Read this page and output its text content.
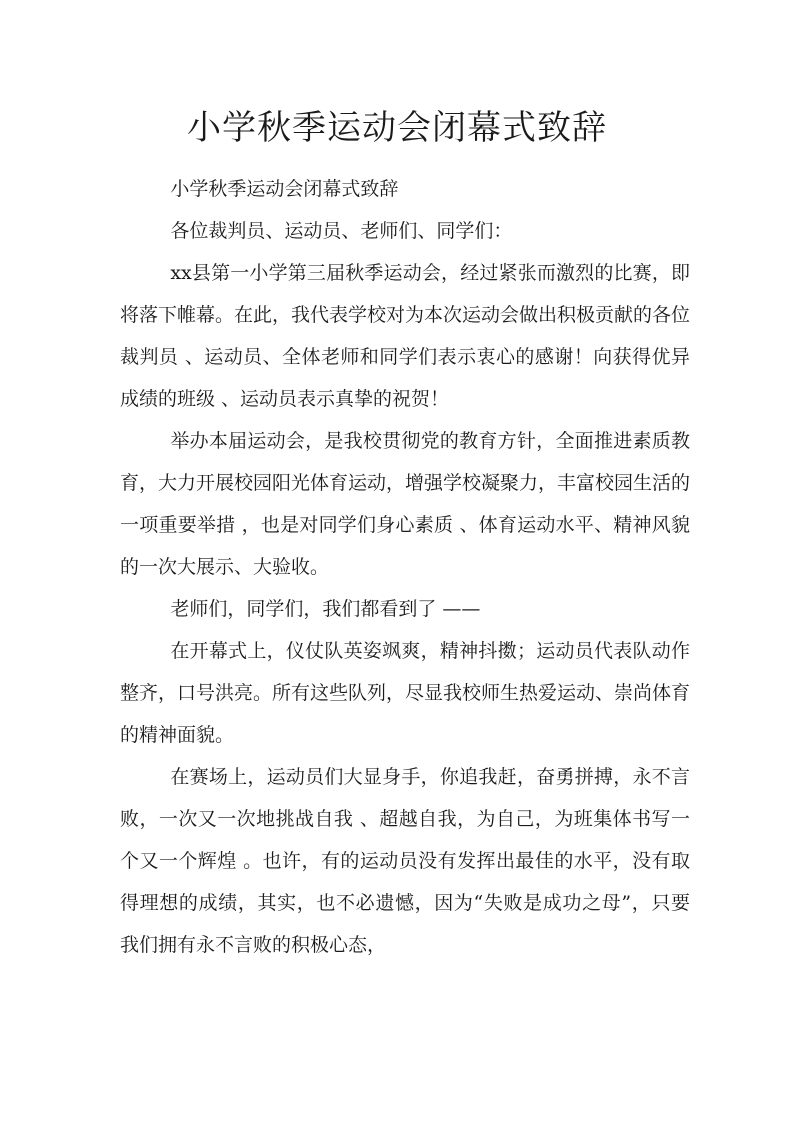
小学秋季运动会闭幕式致辞

小学秋季运动会闭幕式致辞

各位裁判员、运动员、老师们、同学们：

xx县第一小学第三届秋季运动会，经过紧张而激烈的比赛，即将落下帷幕。在此，我代表学校对为本次运动会做出积极贡献的各位裁判员 、运动员、全体老师和同学们表示衷心的感谢！向获得优异成绩的班级 、运动员表示真挚的祝贺！

举办本届运动会，是我校贯彻党的教育方针，全面推进素质教育，大力开展校园阳光体育运动，增强学校凝聚力，丰富校园生活的一项重要举措 ，也是对同学们身心素质 、体育运动水平、精神风貌的一次大展示、大验收。

老师们，同学们，我们都看到了 ——

在开幕式上，仪仗队英姿飒爽，精神抖擞；运动员代表队动作整齐，口号洪亮。所有这些队列，尽显我校师生热爱运动、崇尚体育的精神面貌。

在赛场上，运动员们大显身手，你追我赶，奋勇拼搏，永不言败，一次又一次地挑战自我 、超越自我，为自己，为班集体书写一个又一个辉煌 。也许，有的运动员没有发挥出最佳的水平，没有取得理想的成绩，其实，也不必遗憾，因为“失败是成功之母”，只要我们拥有永不言败的积极心态，
